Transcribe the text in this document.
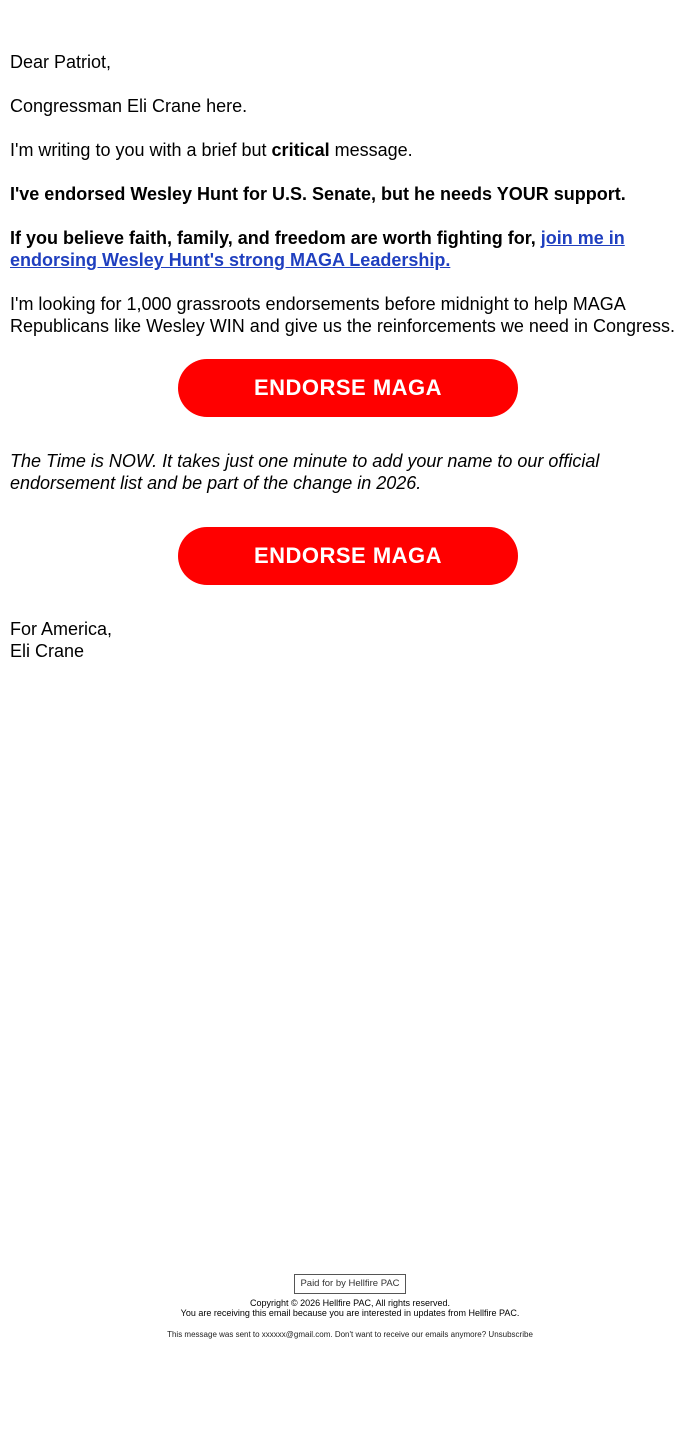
Dear Patriot,

Congressman Eli Crane here.

I'm writing to you with a brief but critical message.

I've endorsed Wesley Hunt for U.S. Senate, but he needs YOUR support.

If you believe faith, family, and freedom are worth fighting for, join me in endorsing Wesley Hunt's strong MAGA Leadership.

I'm looking for 1,000 grassroots endorsements before midnight to help MAGA Republicans like Wesley WIN and give us the reinforcements we need in Congress.

ENDORSE MAGA

The Time is NOW. It takes just one minute to add your name to our official endorsement list and be part of the change in 2026.

ENDORSE MAGA

For America,

Eli Crane

Paid for by Hellfire PAC

Copyright © 2026 Hellfire PAC, All rights reserved.

You are receiving this email because you are interested in updates from Hellfire PAC.

This message was sent to xxxxxx@gmail.com. Don't want to receive our emails anymore? Unsubscribe
